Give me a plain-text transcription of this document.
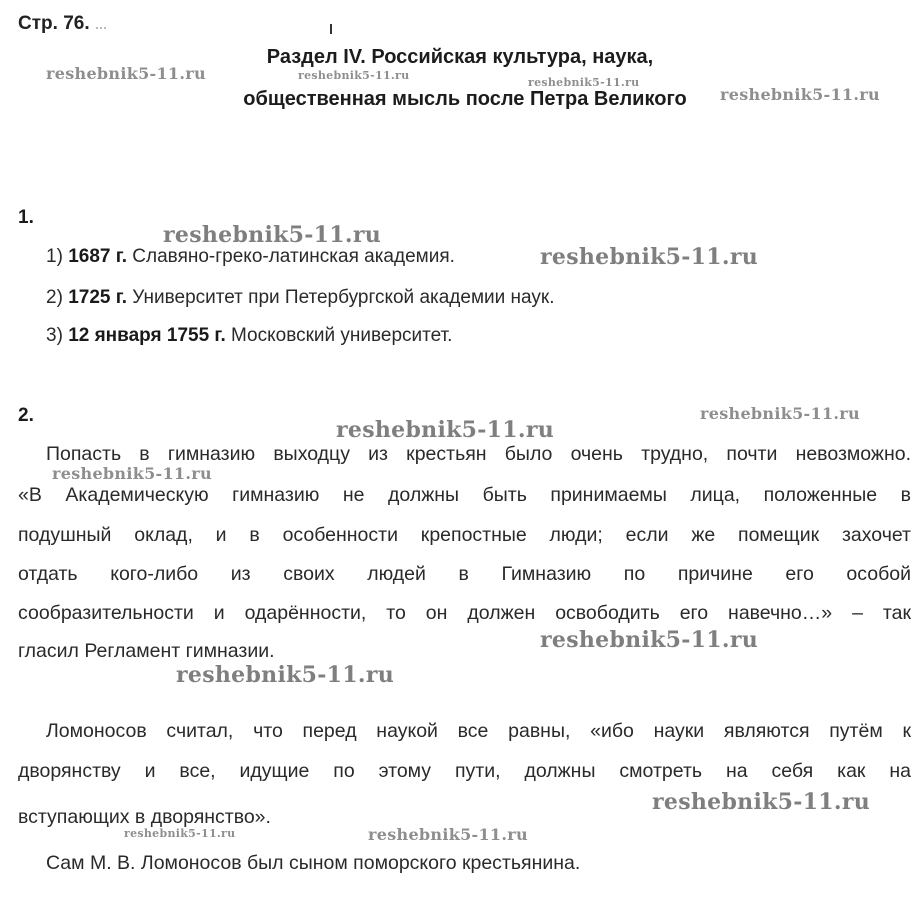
Стр. 76.
Раздел IV. Российская культура, наука,
общественная мысль после Петра Великого
1.
1) 1687 г. Славяно-греко-латинская академия.
2) 1725 г. Университет при Петербургской академии наук.
3) 12 января 1755 г. Московский университет.
2.
Попасть в гимназию выходцу из крестьян было очень трудно, почти невозможно.
«В Академическую гимназию не должны быть принимаемы лица, положенные в
подушный оклад, и в особенности крепостные люди; если же помещик захочет
отдать кого-либо из своих людей в Гимназию по причине его особой
сообразительности и одарённости, то он должен освободить его навечно…» – так
гласил Регламент гимназии.
Ломоносов считал, что перед наукой все равны, «ибо науки являются путём к
дворянству и все, идущие по этому пути, должны смотреть на себя как на
вступающих в дворянство».
Сам М. В. Ломоносов был сыном поморского крестьянина.
reshebnik5-11.ru	reshebnik5-11.ru
reshebnik5-11.ru
reshebnik5-11.ru
reshebnik5-11.ru
reshebnik5-11.ru
reshebnik5-11.ru
reshebnik5-11.ru
reshebnik5-11.ru
reshebnik5-11.ru
reshebnik5-11.ru
reshebnik5-11.ru
reshebnik5-11.ru	reshebnik5-11.ru
